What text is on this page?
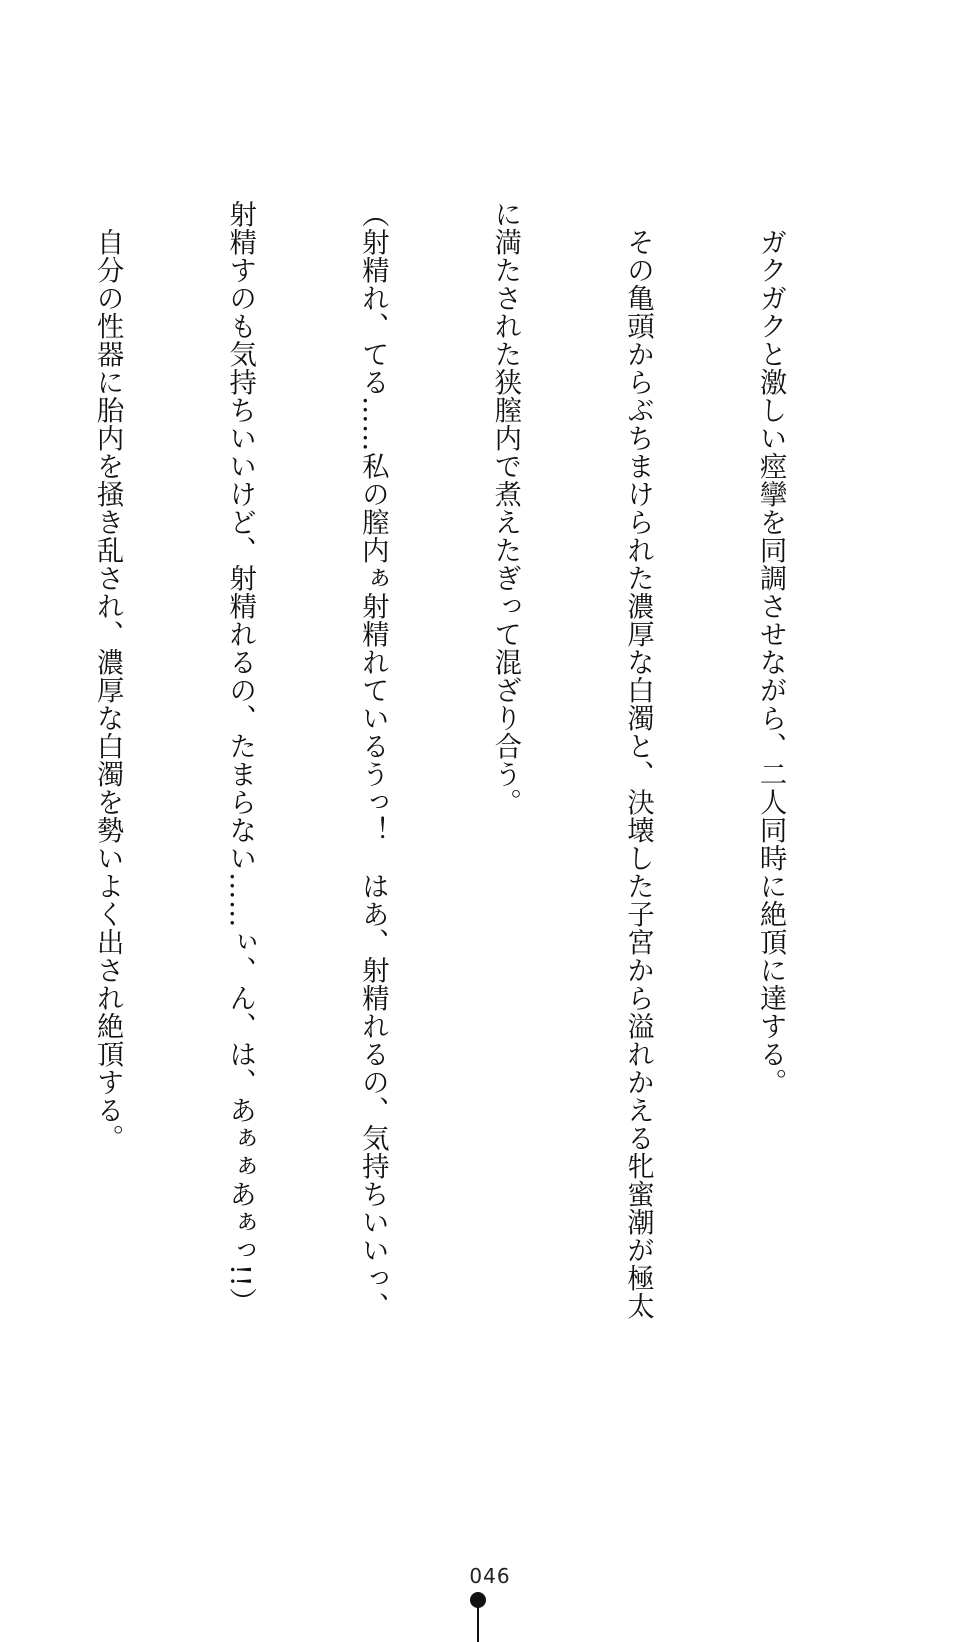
　ガクガクと激しい痙攣を同調させながら、二人同時に絶頂に達する。

　その亀頭からぶちまけられた濃厚な白濁と、決壊した子宮から溢れかえる牝蜜潮が極太

に満たされた狭膣内で煮えたぎって混ざり合う。

（射精れ、てる……私の膣内ぁ射精れているうっ！　はあ、射精れるの、気持ちいいっ、

射精すのも気持ちいいけど、射精れるの、たまらない……ぃ、ん、は、あぁぁあぁっ!!）

　自分の性器に胎内を掻き乱され、濃厚な白濁を勢いよく出され絶頂する。

046
